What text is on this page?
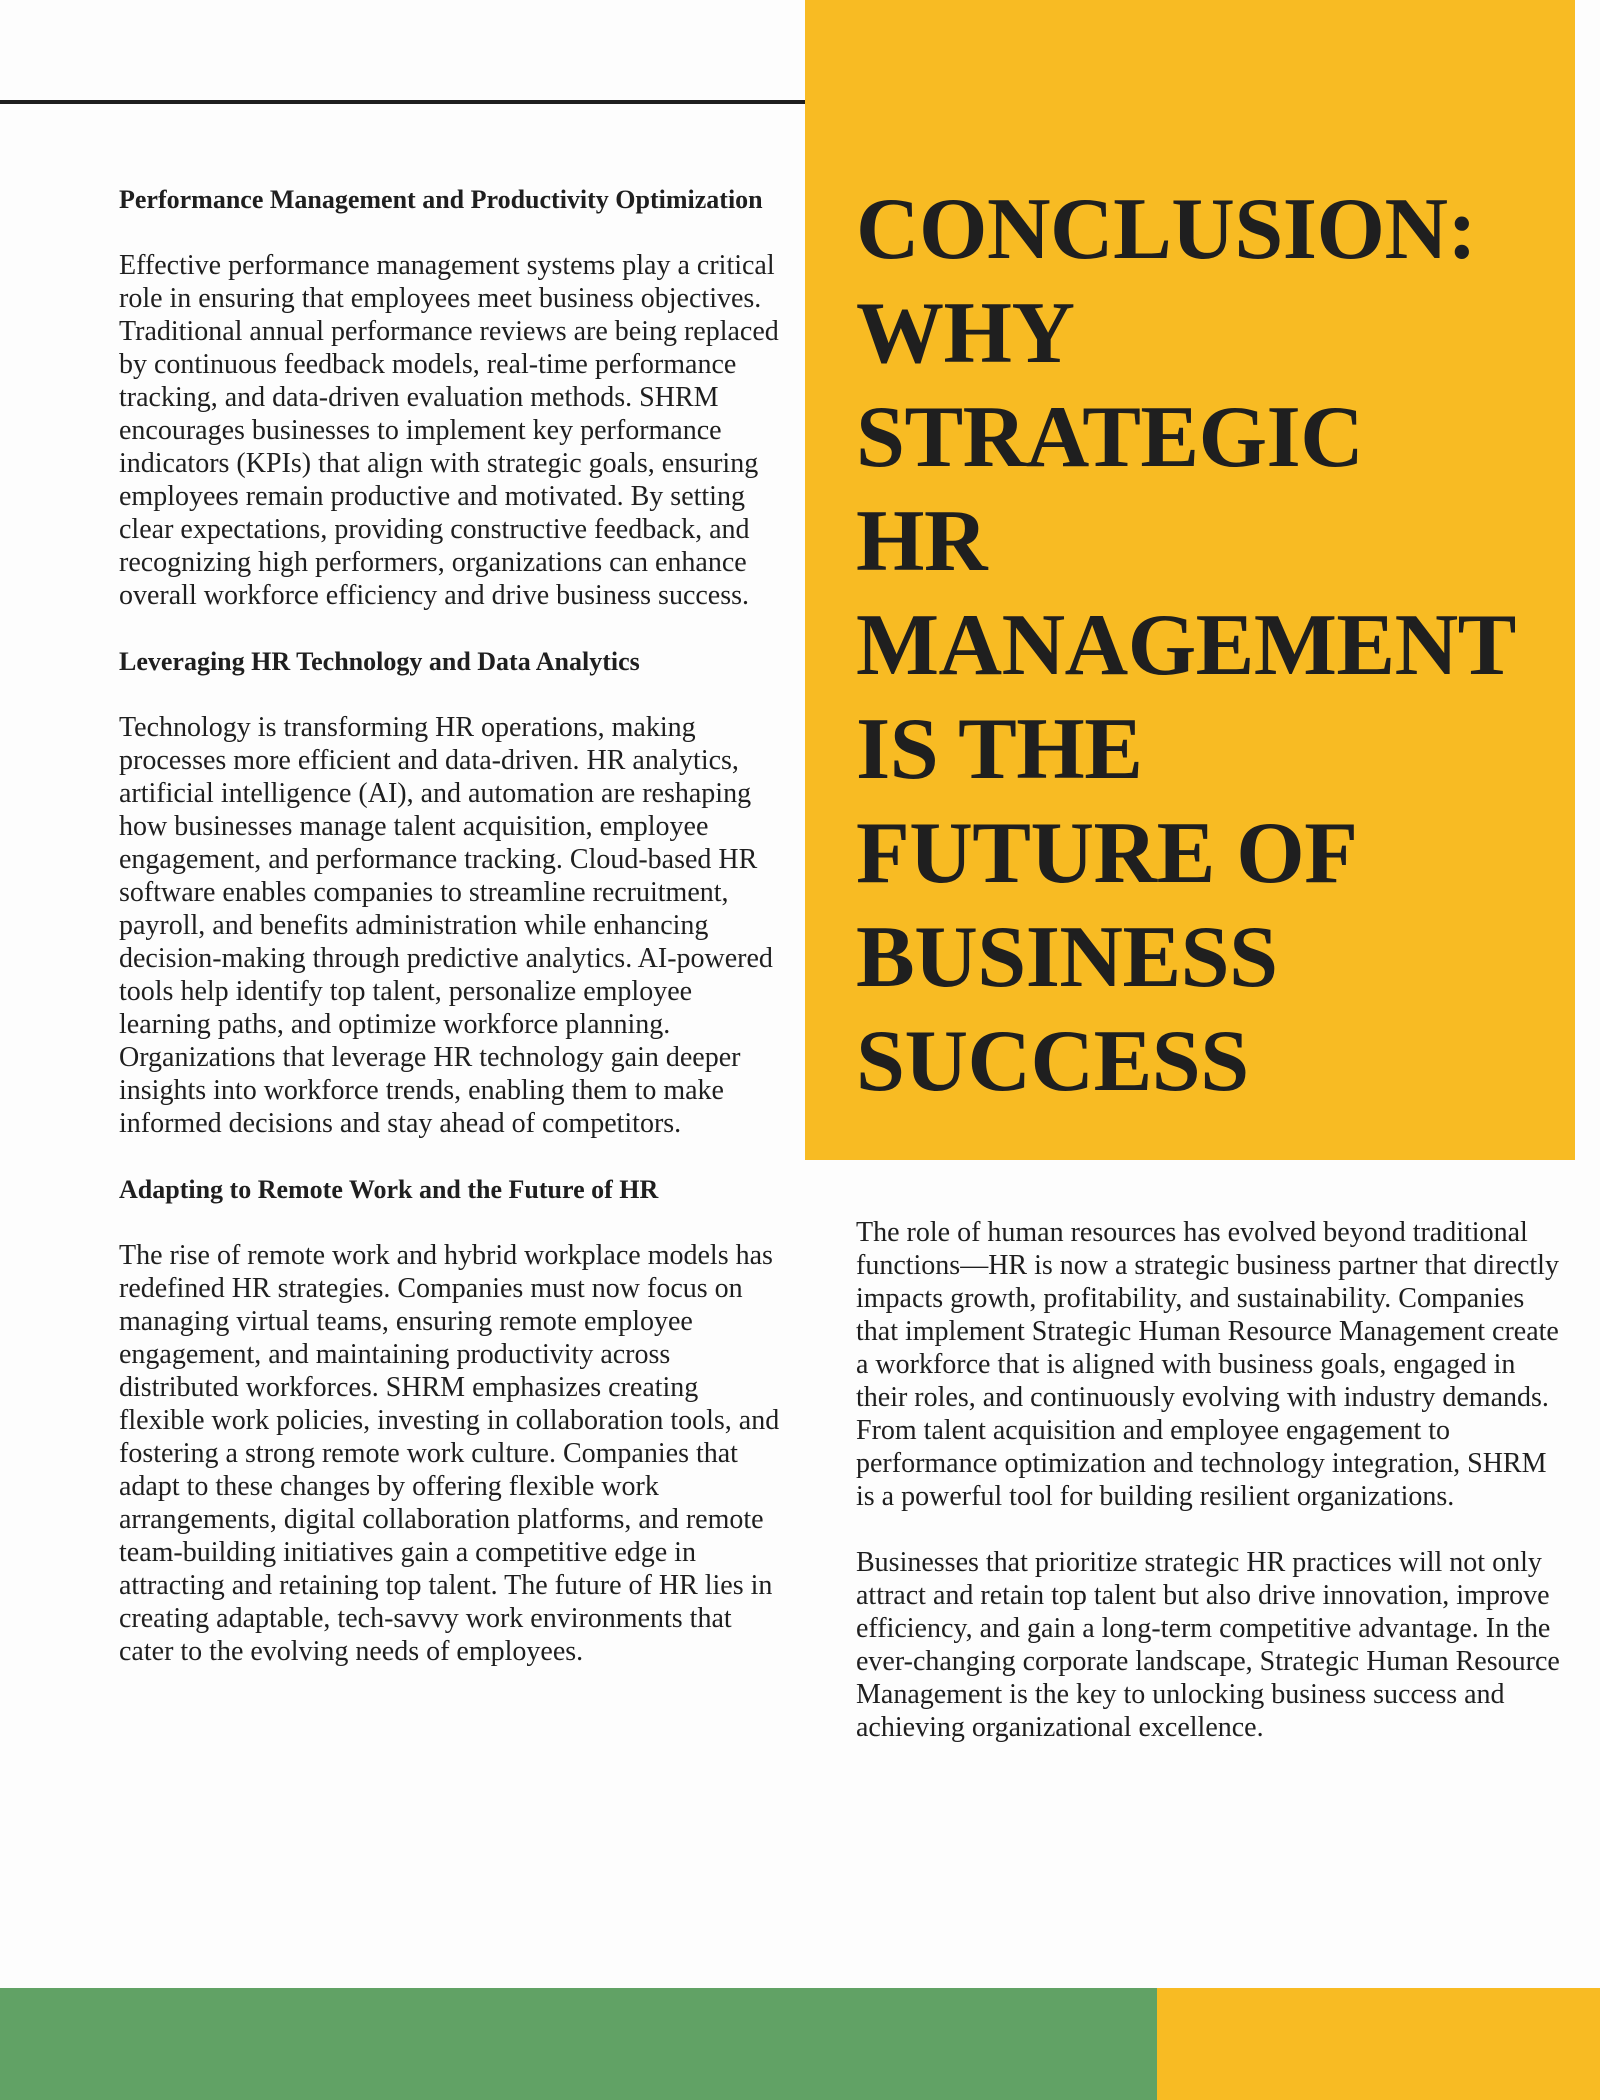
CONCLUSION:
WHY
STRATEGIC
HR
MANAGEMENT
IS THE
FUTURE OF
BUSINESS
SUCCESS
Performance Management and Productivity Optimization

Effective performance management systems play a critical role in ensuring that employees meet business objectives. Traditional annual performance reviews are being replaced by continuous feedback models, real-time performance tracking, and data-driven evaluation methods. SHRM encourages businesses to implement key performance indicators (KPIs) that align with strategic goals, ensuring employees remain productive and motivated. By setting clear expectations, providing constructive feedback, and recognizing high performers, organizations can enhance overall workforce efficiency and drive business success.

Leveraging HR Technology and Data Analytics

Technology is transforming HR operations, making processes more efficient and data-driven. HR analytics, artificial intelligence (AI), and automation are reshaping how businesses manage talent acquisition, employee engagement, and performance tracking. Cloud-based HR software enables companies to streamline recruitment, payroll, and benefits administration while enhancing decision-making through predictive analytics. AI-powered tools help identify top talent, personalize employee learning paths, and optimize workforce planning. Organizations that leverage HR technology gain deeper insights into workforce trends, enabling them to make informed decisions and stay ahead of competitors.

Adapting to Remote Work and the Future of HR

The rise of remote work and hybrid workplace models has redefined HR strategies. Companies must now focus on managing virtual teams, ensuring remote employee engagement, and maintaining productivity across distributed workforces. SHRM emphasizes creating flexible work policies, investing in collaboration tools, and fostering a strong remote work culture. Companies that adapt to these changes by offering flexible work arrangements, digital collaboration platforms, and remote team-building initiatives gain a competitive edge in attracting and retaining top talent. The future of HR lies in creating adaptable, tech-savvy work environments that cater to the evolving needs of employees.

The role of human resources has evolved beyond traditional functions—HR is now a strategic business partner that directly impacts growth, profitability, and sustainability. Companies that implement Strategic Human Resource Management create a workforce that is aligned with business goals, engaged in their roles, and continuously evolving with industry demands. From talent acquisition and employee engagement to performance optimization and technology integration, SHRM is a powerful tool for building resilient organizations.

Businesses that prioritize strategic HR practices will not only attract and retain top talent but also drive innovation, improve efficiency, and gain a long-term competitive advantage. In the ever-changing corporate landscape, Strategic Human Resource Management is the key to unlocking business success and achieving organizational excellence.
